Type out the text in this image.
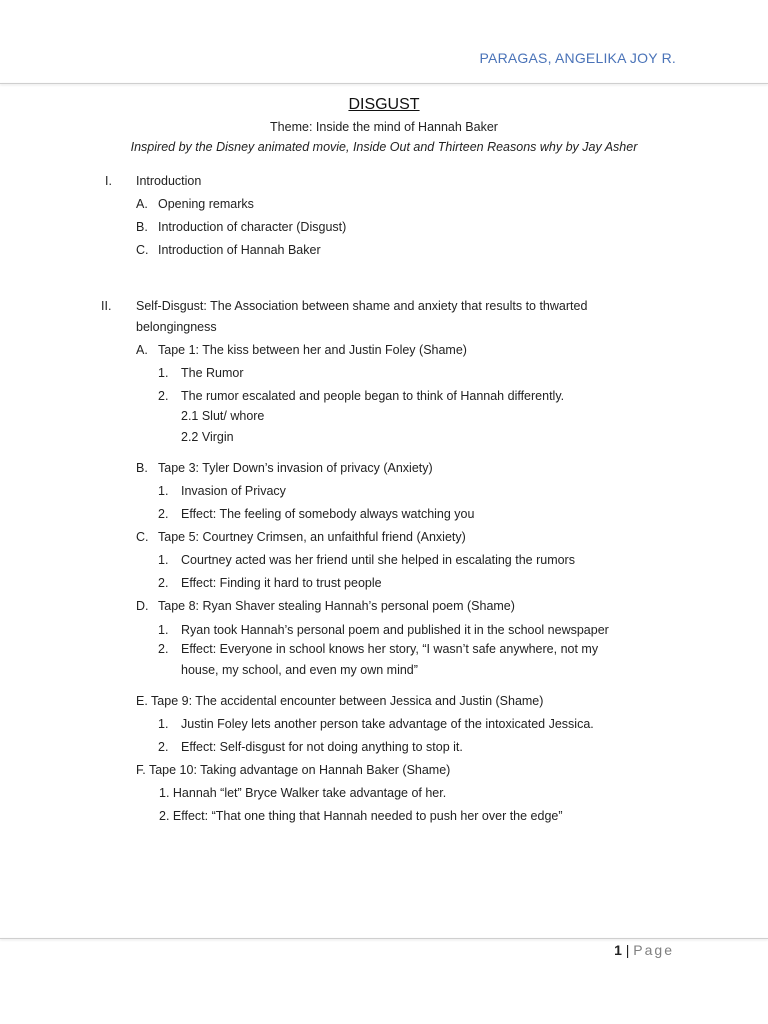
PARAGAS, ANGELIKA JOY R.
DISGUST
Theme: Inside the mind of Hannah Baker
Inspired by the Disney animated movie, Inside Out and Thirteen Reasons why by Jay Asher
I. Introduction
A. Opening remarks
B. Introduction of character (Disgust)
C. Introduction of Hannah Baker
II. Self-Disgust: The Association between shame and anxiety that results to thwarted
belongingness
A. Tape 1: The kiss between her and Justin Foley (Shame)
1. The Rumor
2. The rumor escalated and people began to think of Hannah differently.
2.1 Slut/ whore
2.2 Virgin
B. Tape 3: Tyler Down’s invasion of privacy (Anxiety)
1. Invasion of Privacy
2. Effect: The feeling of somebody always watching you
C. Tape 5: Courtney Crimsen, an unfaithful friend (Anxiety)
1. Courtney acted was her friend until she helped in escalating the rumors
2. Effect: Finding it hard to trust people
D. Tape 8: Ryan Shaver stealing Hannah’s personal poem (Shame)
1. Ryan took Hannah’s personal poem and published it in the school newspaper
2. Effect: Everyone in school knows her story, “I wasn’t safe anywhere, not my
house, my school, and even my own mind”
E. Tape 9: The accidental encounter between Jessica and Justin (Shame)
1. Justin Foley lets another person take advantage of the intoxicated Jessica.
2. Effect: Self-disgust for not doing anything to stop it.
F. Tape 10: Taking advantage on Hannah Baker (Shame)
1. Hannah “let” Bryce Walker take advantage of her.
2. Effect: “That one thing that Hannah needed to push her over the edge”
1 | Page
